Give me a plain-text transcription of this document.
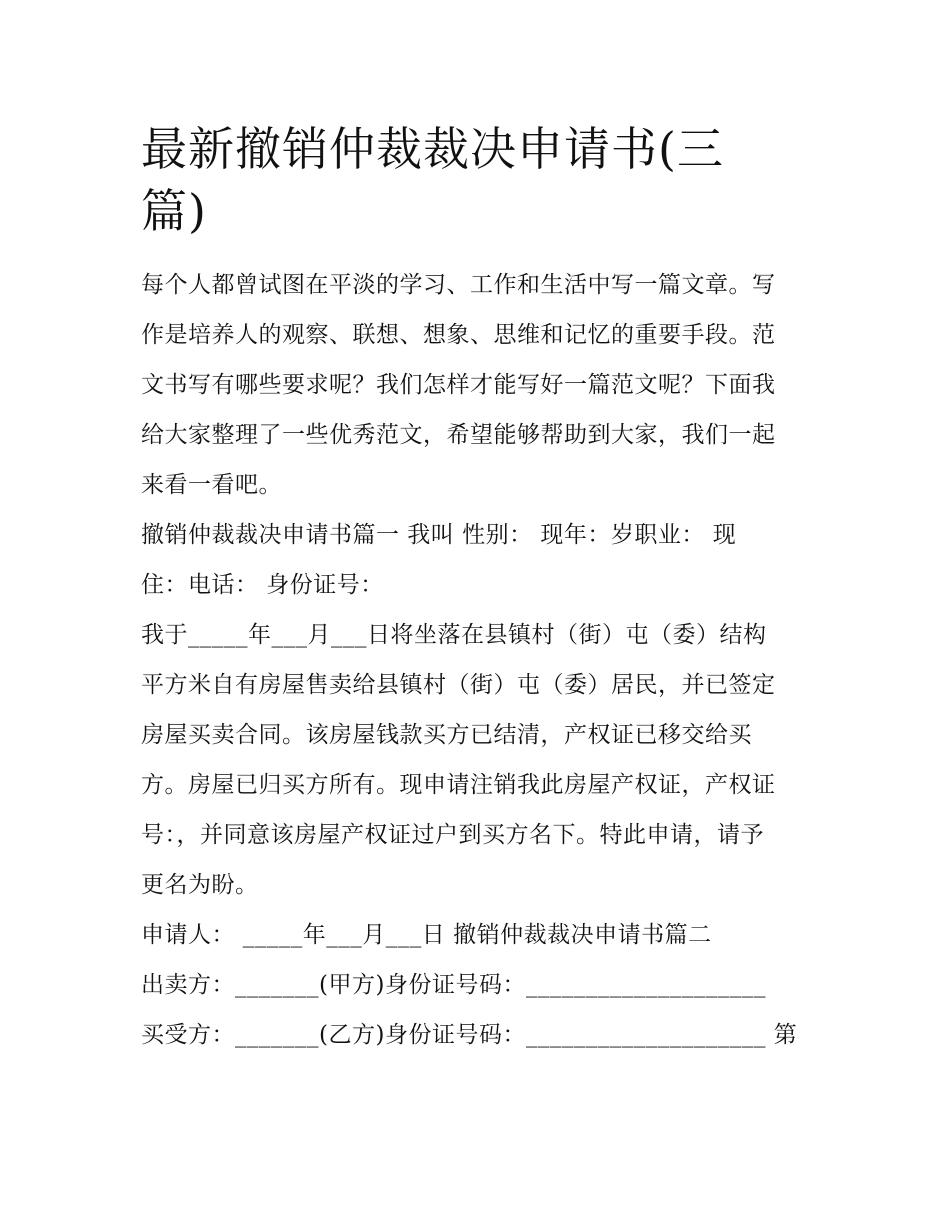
最新撤销仲裁裁决申请书(三
篇)
每个人都曾试图在平淡的学习、工作和生活中写一篇文章。写
作是培养人的观察、联想、想象、思维和记忆的重要手段。范
文书写有哪些要求呢？我们怎样才能写好一篇范文呢？下面我
给大家整理了一些优秀范文，希望能够帮助到大家，我们一起
来看一看吧。
撤销仲裁裁决申请书篇一 我叫 性别： 现年：岁职业： 现
住：电话： 身份证号：
我于_____年___月___日将坐落在县镇村（街）屯（委）结构
平方米自有房屋售卖给县镇村（街）屯（委）居民，并已签定
房屋买卖合同。该房屋钱款买方已结清，产权证已移交给买
方。房屋已归买方所有。现申请注销我此房屋产权证，产权证
号：，并同意该房屋产权证过户到买方名下。特此申请，请予
更名为盼。
申请人： _____年___月___日 撤销仲裁裁决申请书篇二
出卖方：_______(甲方)身份证号码：____________________
买受方：_______(乙方)身份证号码：____________________ 第
